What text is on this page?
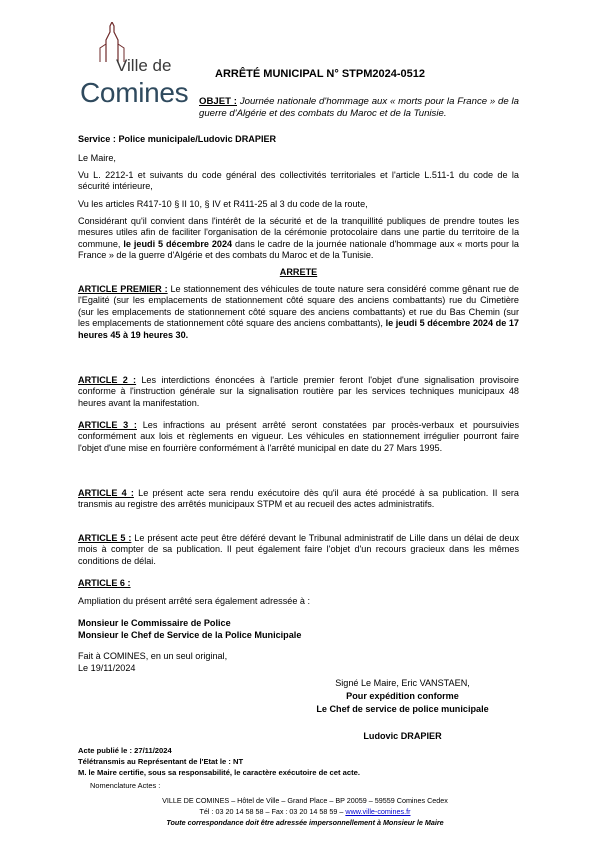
Ville de
Comines
ARRÊTÉ MUNICIPAL N° STPM2024-0512
OBJET : Journée nationale d'hommage aux « morts pour la France » de la guerre d'Algérie et des combats du Maroc et de la Tunisie.
Service : Police municipale/Ludovic DRAPIER
Le Maire,
Vu L. 2212-1 et suivants du code général des collectivités territoriales et l'article L.511-1 du code de la sécurité intérieure,
Vu les articles R417-10 § II 10, § IV et R411-25 al 3 du code de la route,
Considérant qu'il convient dans l'intérêt de la sécurité et de la tranquillité publiques de prendre toutes les mesures utiles afin de faciliter l'organisation de la cérémonie protocolaire dans une partie du territoire de la commune, le jeudi 5 décembre 2024 dans le cadre de la journée nationale d'hommage aux « morts pour la France » de la guerre d'Algérie et des combats du Maroc et de la Tunisie.
ARRETE
ARTICLE PREMIER : Le stationnement des véhicules de toute nature sera considéré comme gênant rue de l'Egalité (sur les emplacements de stationnement côté square des anciens combattants) rue du Cimetière (sur les emplacements de stationnement côté square des anciens combattants) et rue du Bas Chemin (sur les emplacements de stationnement côté square des anciens combattants), le jeudi 5 décembre 2024 de 17 heures 45 à 19 heures 30.
ARTICLE 2 : Les interdictions énoncées à l'article premier feront l'objet d'une signalisation provisoire conforme à l'instruction générale sur la signalisation routière par les services techniques municipaux 48 heures avant la manifestation.
ARTICLE 3 : Les infractions au présent arrêté seront constatées par procès-verbaux et poursuivies conformément aux lois et règlements en vigueur. Les véhicules en stationnement irrégulier pourront faire l'objet d'une mise en fourrière conformément à l'arrêté municipal en date du 27 Mars 1995.
ARTICLE 4 : Le présent acte sera rendu exécutoire dès qu'il aura été procédé à sa publication. Il sera transmis au registre des arrêtés municipaux STPM et au recueil des actes administratifs.
ARTICLE 5 : Le présent acte peut être déféré devant le Tribunal administratif de Lille dans un délai de deux mois à compter de sa publication. Il peut également faire l'objet d'un recours gracieux dans les mêmes conditions de délai.
ARTICLE 6 :
Ampliation du présent arrêté sera également adressée à :
Monsieur le Commissaire de Police
Monsieur le Chef de Service de la Police Municipale
Fait à COMINES, en un seul original,
Le 19/11/2024
Signé Le Maire, Eric VANSTAEN,
Pour expédition conforme
Le Chef de service de police municipale
Ludovic DRAPIER
Acte publié le : 27/11/2024
Télétransmis au Représentant de l'Etat le : NT
M. le Maire certifie, sous sa responsabilité, le caractère exécutoire de cet acte.
Nomenclature Actes :
VILLE DE COMINES – Hôtel de Ville – Grand Place – BP 20059 – 59559 Comines Cedex
Tél : 03 20 14 58 58 – Fax : 03 20 14 58 59 – www.ville-comines.fr
Toute correspondance doit être adressée impersonnellement à Monsieur le Maire
